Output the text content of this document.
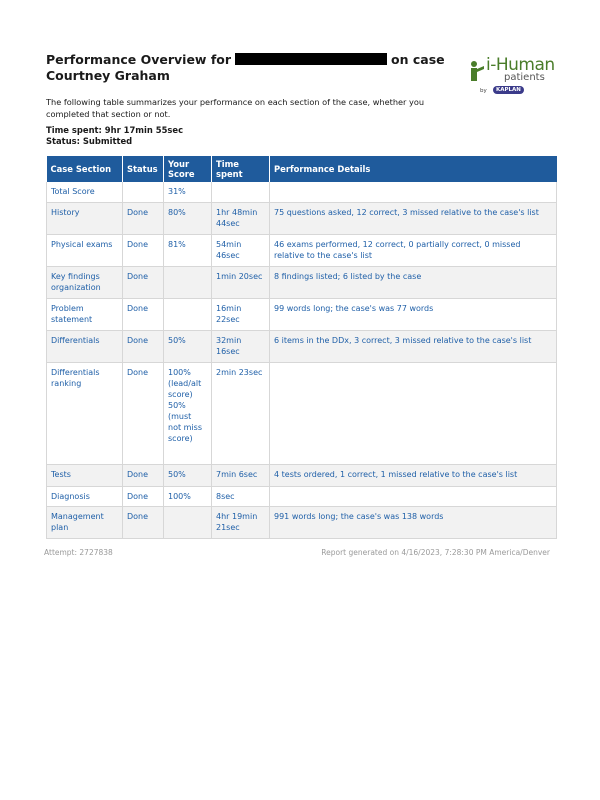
Performance Overview for	on case
Courtney Graham
i-Human
patients
by	KAPLAN

The following table summarizes your performance on each section of the case, whether you completed that section or not.

Time spent: 9hr 17min 55sec
Status: Submitted
Case Section	Status	Your Score	Time spent	Performance Details
Total Score		31%		
History	Done	80%	1hr 48min 44sec	75 questions asked, 12 correct, 3 missed relative to the case's list
Physical exams	Done	81%	54min 46sec	46 exams performed, 12 correct, 0 partially correct, 0 missed relative to the case's list
Key findings organization	Done		1min 20sec	8 findings listed; 6 listed by the case
Problem statement	Done		16min 22sec	99 words long; the case's was 77 words
Differentials	Done	50%	32min 16sec	6 items in the DDx, 3 correct, 3 missed relative to the case's list
Differentials ranking	Done	100% (lead/alt score) 50% (must not miss score)	2min 23sec	
Tests	Done	50%	7min 6sec	4 tests ordered, 1 correct, 1 missed relative to the case's list
Diagnosis	Done	100%	8sec	
Management plan	Done		4hr 19min 21sec	991 words long; the case's was 138 words
Attempt: 2727838	Report generated on 4/16/2023, 7:28:30 PM America/Denver
